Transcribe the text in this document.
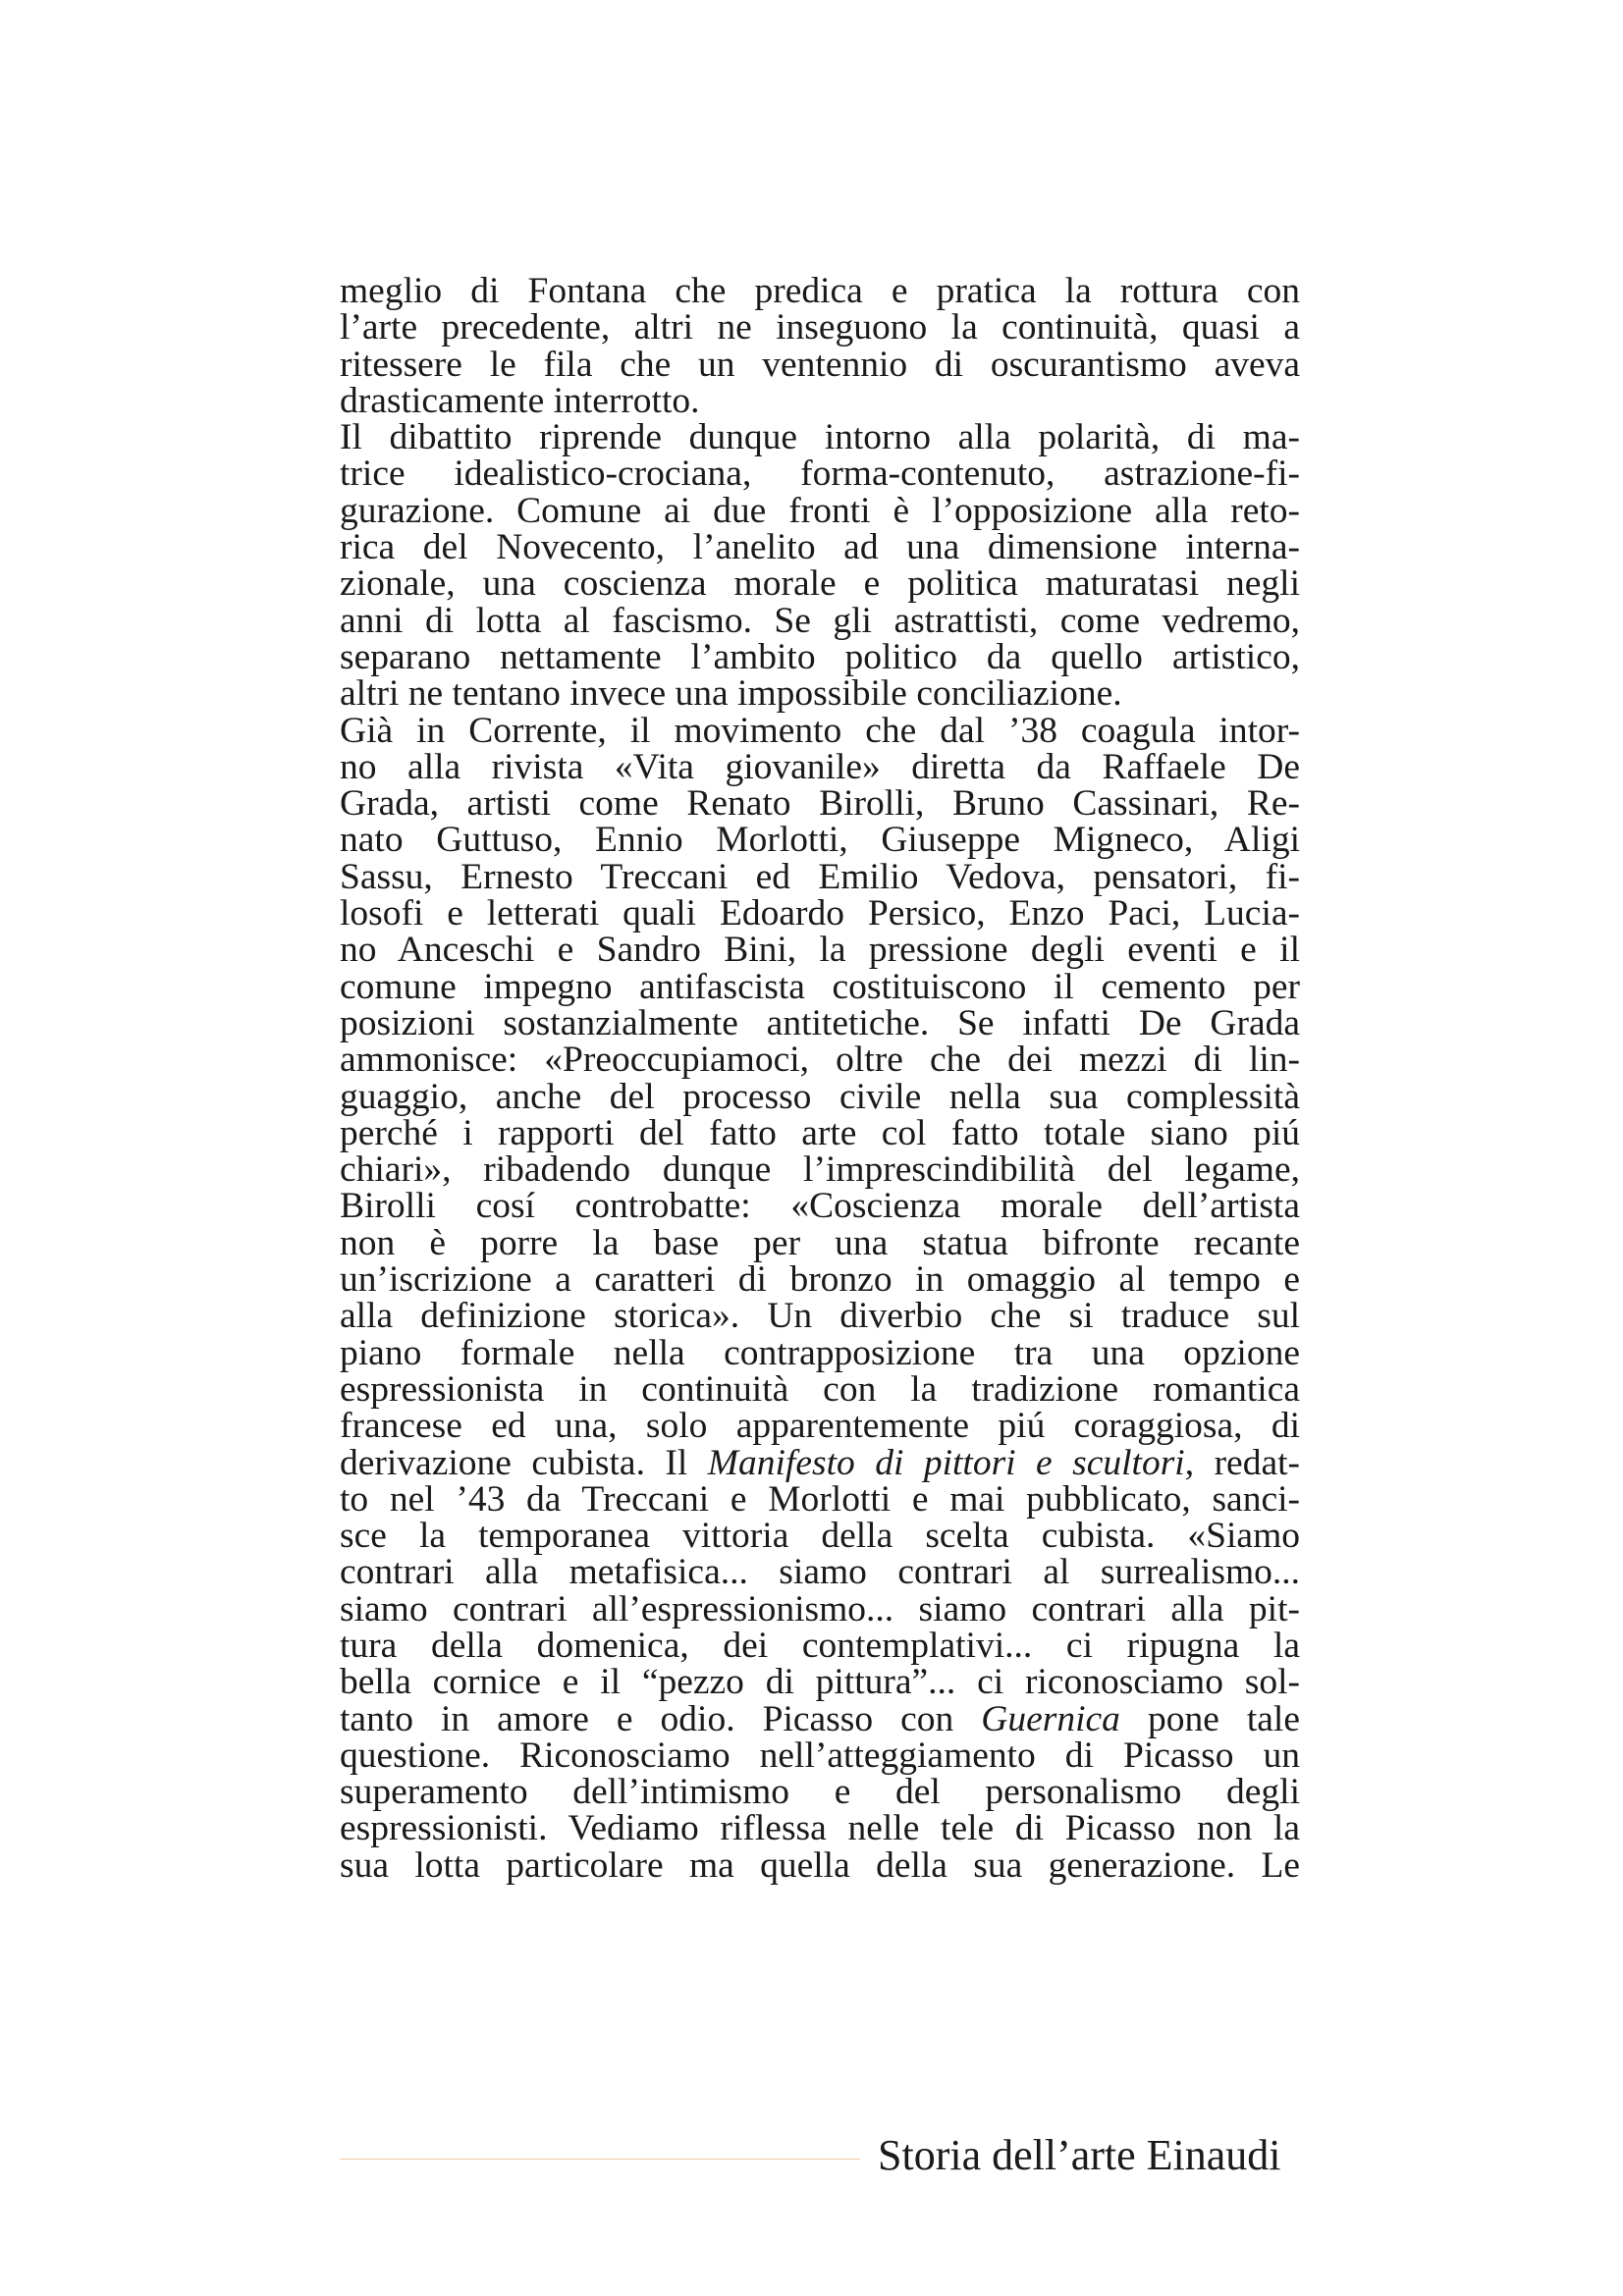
meglio di Fontana che predica e pratica la rottura con
l’arte precedente, altri ne inseguono la continuità, quasi a
ritessere le fila che un ventennio di oscurantismo aveva
drasticamente interrotto.
Il dibattito riprende dunque intorno alla polarità, di ma-
trice idealistico-crociana, forma-contenuto, astrazione-fi-
gurazione. Comune ai due fronti è l’opposizione alla reto-
rica del Novecento, l’anelito ad una dimensione interna-
zionale, una coscienza morale e politica maturatasi negli
anni di lotta al fascismo. Se gli astrattisti, come vedremo,
separano nettamente l’ambito politico da quello artistico,
altri ne tentano invece una impossibile conciliazione.
Già in Corrente, il movimento che dal ’38 coagula intor-
no alla rivista «Vita giovanile» diretta da Raffaele De
Grada, artisti come Renato Birolli, Bruno Cassinari, Re-
nato Guttuso, Ennio Morlotti, Giuseppe Migneco, Aligi
Sassu, Ernesto Treccani ed Emilio Vedova, pensatori, fi-
losofi e letterati quali Edoardo Persico, Enzo Paci, Lucia-
no Anceschi e Sandro Bini, la pressione degli eventi e il
comune impegno antifascista costituiscono il cemento per
posizioni sostanzialmente antitetiche. Se infatti De Grada
ammonisce: «Preoccupiamoci, oltre che dei mezzi di lin-
guaggio, anche del processo civile nella sua complessità
perché i rapporti del fatto arte col fatto totale siano piú
chiari», ribadendo dunque l’imprescindibilità del legame,
Birolli cosí controbatte: «Coscienza morale dell’artista
non è porre la base per una statua bifronte recante
un’iscrizione a caratteri di bronzo in omaggio al tempo e
alla definizione storica». Un diverbio che si traduce sul
piano formale nella contrapposizione tra una opzione
espressionista in continuità con la tradizione romantica
francese ed una, solo apparentemente piú coraggiosa, di
derivazione cubista. Il Manifesto di pittori e scultori, redat-
to nel ’43 da Treccani e Morlotti e mai pubblicato, sanci-
sce la temporanea vittoria della scelta cubista. «Siamo
contrari alla metafisica... siamo contrari al surrealismo...
siamo contrari all’espressionismo... siamo contrari alla pit-
tura della domenica, dei contemplativi... ci ripugna la
bella cornice e il “pezzo di pittura”... ci riconosciamo sol-
tanto in amore e odio. Picasso con Guernica pone tale
questione. Riconosciamo nell’atteggiamento di Picasso un
superamento dell’intimismo e del personalismo degli
espressionisti. Vediamo riflessa nelle tele di Picasso non la
sua lotta particolare ma quella della sua generazione. Le
Storia dell’arte Einaudi
